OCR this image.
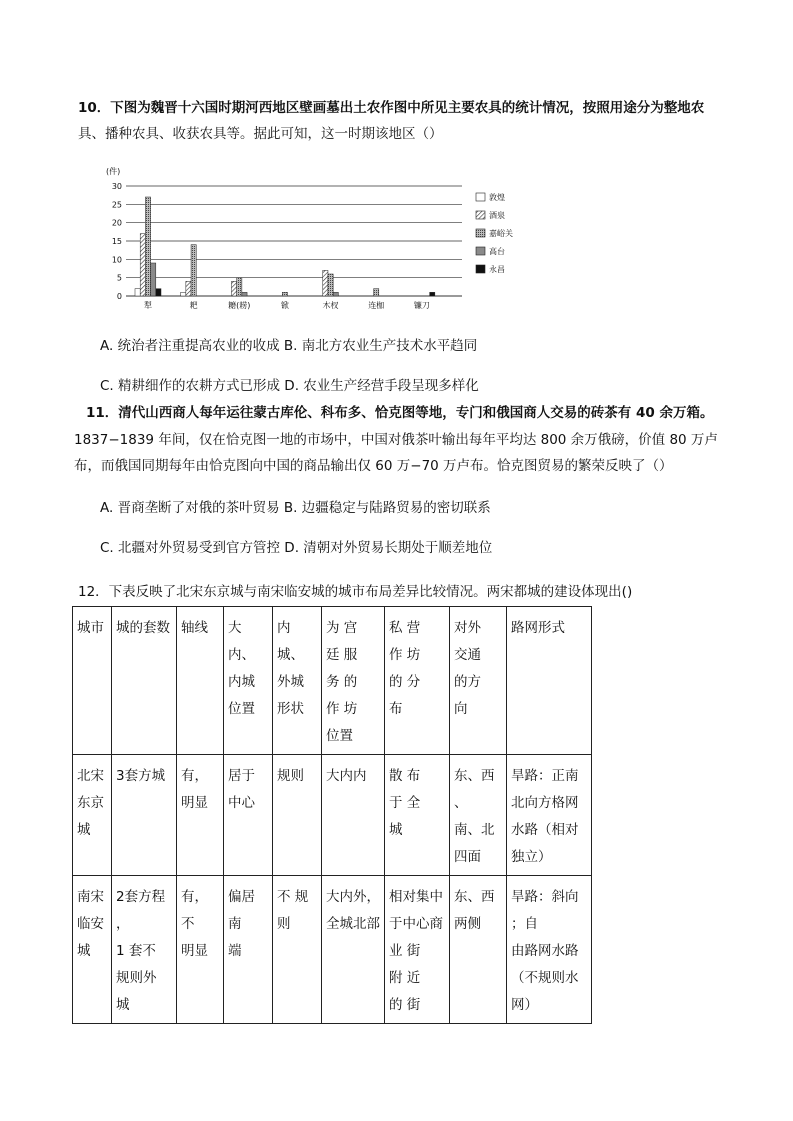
10．下图为魏晋十六国时期河西地区壁画墓出土农作图中所见主要农具的统计情况，按照用途分为整地农
具、播种农具、收获农具等。据此可知，这一时期该地区（）
(件)
0
5
10
15
20
25
30
犁	耙	耱(耢)	锨	木杈	连枷	镰刀
敦煌
酒泉
嘉峪关
高台
永昌
A. 统治者注重提高农业的收成 B. 南北方农业生产技术水平趋同
C. 精耕细作的农耕方式已形成 D. 农业生产经营手段呈现多样化
11．清代山西商人每年运往蒙古库伦、科布多、恰克图等地，专门和俄国商人交易的砖茶有 40 余万箱。
1837−1839 年间，仅在恰克图一地的市场中，中国对俄茶叶输出每年平均达 800 余万俄磅，价值 80 万卢
布，而俄国同期每年由恰克图向中国的商品输出仅 60 万−70 万卢布。恰克图贸易的繁荣反映了（）
A. 晋商垄断了对俄的茶叶贸易 B. 边疆稳定与陆路贸易的密切联系
C. 北疆对外贸易受到官方管控 D. 清朝对外贸易长期处于顺差地位
12．下表反映了北宋东京城与南宋临安城的城市布局差异比较情况。两宋都城的建设体现出()
城市	城的套数	轴线	大
内、
内城
位置	内
城、
外城
形状	为 宫
廷 服
务 的
作 坊
位置	私 营
作 坊
的 分
布	对外
交通
的方
向	路网形式
北宋
东京
城	3套方城	有，
明显	居于
中心	规则	大内内	散 布
于 全
城	东、西
、
南、北
四面	旱路：正南
北向方格网
水路（相对
独立）
南宋
临安
城	2套方程
，
1 套不
规则外
城	有，不
明显	偏居南
端	不 规
则	大内外，
全城北部	相对集中
于中心商
业 街
附 近
的 街	东、西
两侧	旱路：斜向
；自
由路网水路
（不规则水
网）
